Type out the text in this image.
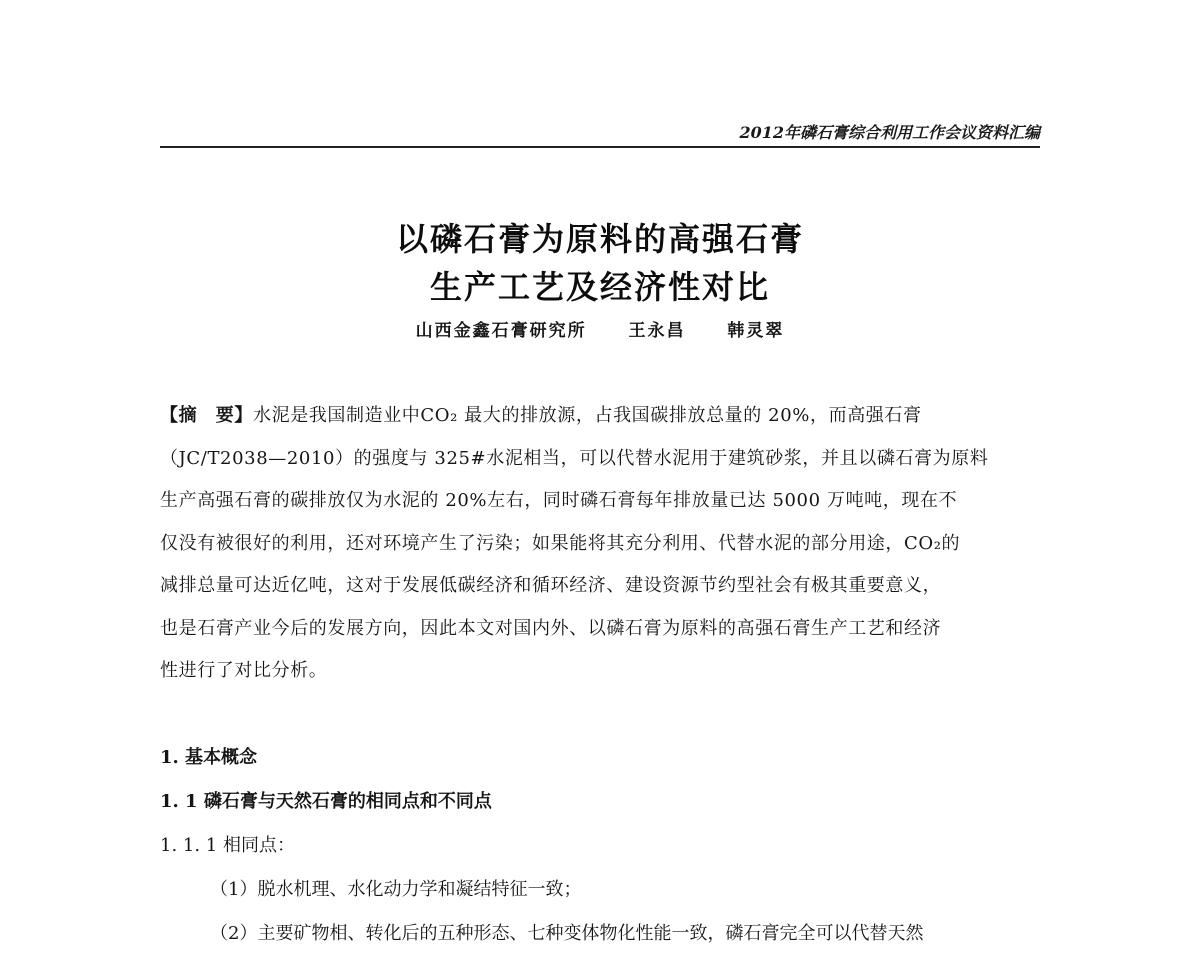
2012年磷石膏综合利用工作会议资料汇编
以磷石膏为原料的高强石膏
生产工艺及经济性对比
山西金鑫石膏研究所 王永昌 韩灵翠
【摘　要】水泥是我国制造业中CO₂ 最大的排放源，占我国碳排放总量的 20%，而高强石膏
（JC/T2038—2010）的强度与 325#水泥相当，可以代替水泥用于建筑砂浆，并且以磷石膏为原料
生产高强石膏的碳排放仅为水泥的 20%左右，同时磷石膏每年排放量已达 5000 万吨吨，现在不
仅没有被很好的利用，还对环境产生了污染；如果能将其充分利用、代替水泥的部分用途，CO₂的
减排总量可达近亿吨，这对于发展低碳经济和循环经济、建设资源节约型社会有极其重要意义，
也是石膏产业今后的发展方向，因此本文对国内外、以磷石膏为原料的高强石膏生产工艺和经济
性进行了对比分析。
1. 基本概念
1. 1 磷石膏与天然石膏的相同点和不同点
1. 1. 1 相同点：
（1）脱水机理、水化动力学和凝结特征一致；
（2）主要矿物相、转化后的五种形态、七种变体物化性能一致，磷石膏完全可以代替天然
